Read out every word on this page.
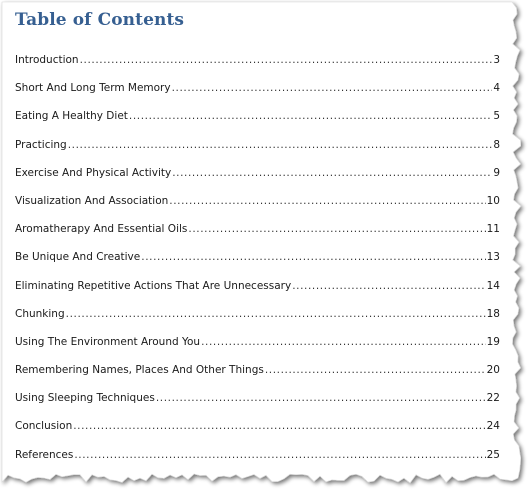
Table of Contents
Introduction .....	3
Short And Long Term Memory .....	4
Eating A Healthy Diet .....	5
Practicing .....	8
Exercise And Physical Activity .....	9
Visualization And Association .....	10
Aromatherapy And Essential Oils .....	11
Be Unique And Creative .....	13
Eliminating Repetitive Actions That Are Unnecessary .....	14
Chunking .....	18
Using The Environment Around You .....	19
Remembering Names, Places And Other Things .....	20
Using Sleeping Techniques .....	22
Conclusion .....	24
References .....	25
